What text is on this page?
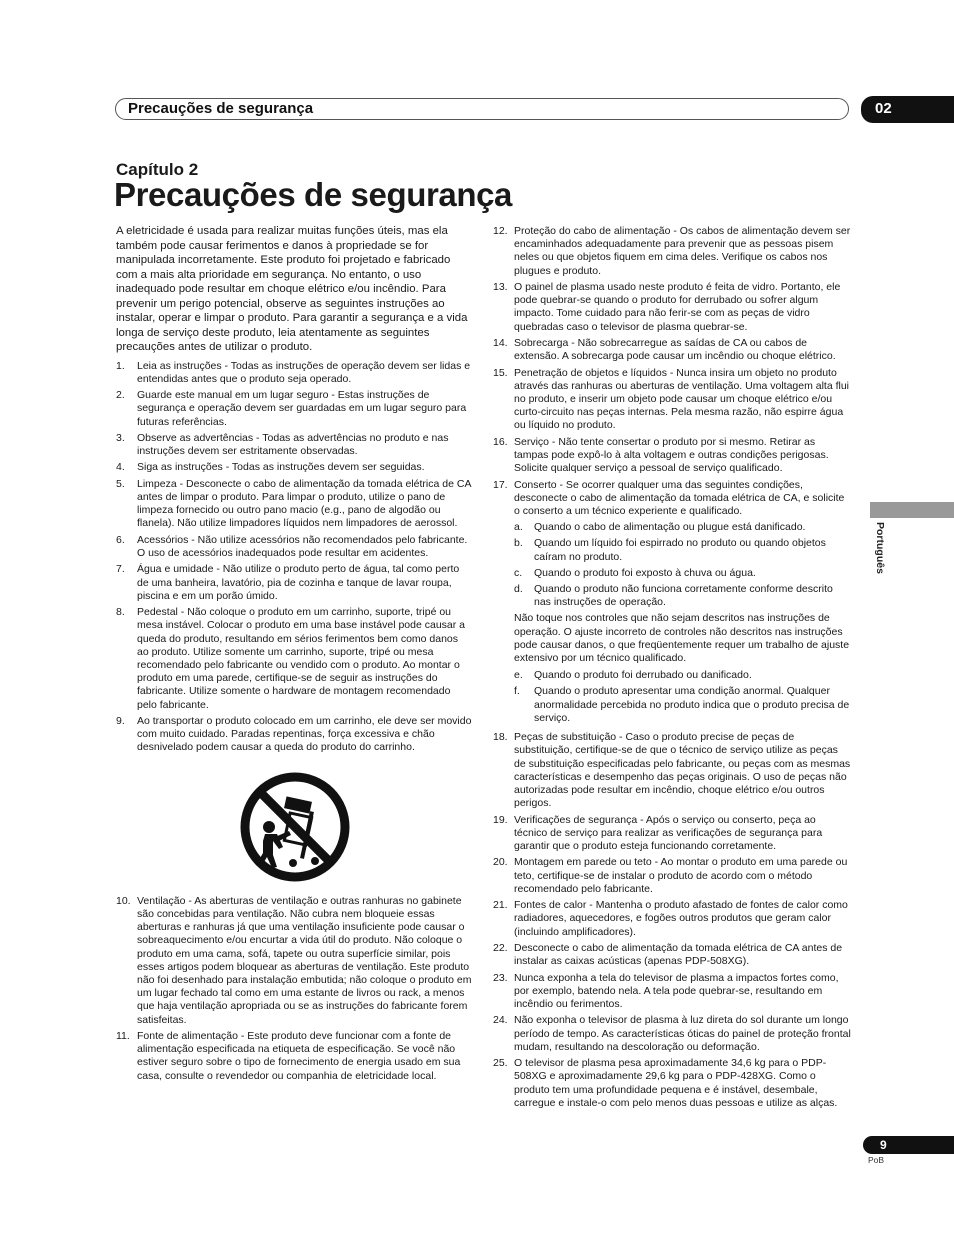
Precauções de segurança	02
Capítulo 2
Precauções de segurança

A eletricidade é usada para realizar muitas funções úteis, mas ela também pode causar ferimentos e danos à propriedade se for manipulada incorretamente. Este produto foi projetado e fabricado com a mais alta prioridade em segurança. No entanto, o uso inadequado pode resultar em choque elétrico e/ou incêndio. Para prevenir um perigo potencial, observe as seguintes instruções ao instalar, operar e limpar o produto. Para garantir a segurança e a vida longa de serviço deste produto, leia atentamente as seguintes precauções antes de utilizar o produto.

1.	Leia as instruções - Todas as instruções de operação devem ser lidas e entendidas antes que o produto seja operado.
2.	Guarde este manual em um lugar seguro - Estas instruções de segurança e operação devem ser guardadas em um lugar seguro para futuras referências.
3.	Observe as advertências - Todas as advertências no produto e nas instruções devem ser estritamente observadas.
4.	Siga as instruções - Todas as instruções devem ser seguidas.
5.	Limpeza - Desconecte o cabo de alimentação da tomada elétrica de CA antes de limpar o produto. Para limpar o produto, utilize o pano de limpeza fornecido ou outro pano macio (e.g., pano de algodão ou flanela). Não utilize limpadores líquidos nem limpadores de aerossol.
6.	Acessórios - Não utilize acessórios não recomendados pelo fabricante. O uso de acessórios inadequados pode resultar em acidentes.
7.	Água e umidade - Não utilize o produto perto de água, tal como perto de uma banheira, lavatório, pia de cozinha e tanque de lavar roupa, piscina e em um porão úmido.
8.	Pedestal - Não coloque o produto em um carrinho, suporte, tripé ou mesa instável. Colocar o produto em uma base instável pode causar a queda do produto, resultando em sérios ferimentos bem como danos ao produto. Utilize somente um carrinho, suporte, tripé ou mesa recomendado pelo fabricante ou vendido com o produto. Ao montar o produto em uma parede, certifique-se de seguir as instruções do fabricante. Utilize somente o hardware de montagem recomendado pelo fabricante.
9.	Ao transportar o produto colocado em um carrinho, ele deve ser movido com muito cuidado. Paradas repentinas, força excessiva e chão desnivelado podem causar a queda do produto do carrinho.
10. Ventilação - As aberturas de ventilação e outras ranhuras no gabinete são concebidas para ventilação. Não cubra nem bloqueie essas aberturas e ranhuras já que uma ventilação insuficiente pode causar o sobreaquecimento e/ou encurtar a vida útil do produto. Não coloque o produto em uma cama, sofá, tapete ou outra superfície similar, pois esses artigos podem bloquear as aberturas de ventilação. Este produto não foi desenhado para instalação embutida; não coloque o produto em um lugar fechado tal como em uma estante de livros ou rack, a menos que haja ventilação apropriada ou se as instruções do fabricante forem satisfeitas.
11. Fonte de alimentação - Este produto deve funcionar com a fonte de alimentação especificada na etiqueta de especificação. Se você não estiver seguro sobre o tipo de fornecimento de energia usado em sua casa, consulte o revendedor ou companhia de eletricidade local.
12. Proteção do cabo de alimentação - Os cabos de alimentação devem ser encaminhados adequadamente para prevenir que as pessoas pisem neles ou que objetos fiquem em cima deles. Verifique os cabos nos plugues e produto.
13. O painel de plasma usado neste produto é feita de vidro. Portanto, ele pode quebrar-se quando o produto for derrubado ou sofrer algum impacto. Tome cuidado para não ferir-se com as peças de vidro quebradas caso o televisor de plasma quebrar-se.
14. Sobrecarga - Não sobrecarregue as saídas de CA ou cabos de extensão. A sobrecarga pode causar um incêndio ou choque elétrico.
15. Penetração de objetos e líquidos - Nunca insira um objeto no produto através das ranhuras ou aberturas de ventilação. Uma voltagem alta flui no produto, e inserir um objeto pode causar um choque elétrico e/ou curto-circuito nas peças internas. Pela mesma razão, não espirre água ou líquido no produto.
16. Serviço - Não tente consertar o produto por si mesmo. Retirar as tampas pode expô-lo à alta voltagem e outras condições perigosas. Solicite qualquer serviço a pessoal de serviço qualificado.
17. Conserto - Se ocorrer qualquer uma das seguintes condições, desconecte o cabo de alimentação da tomada elétrica de CA, e solicite o conserto a um técnico experiente e qualificado.
a.	Quando o cabo de alimentação ou plugue está danificado.
b.	Quando um líquido foi espirrado no produto ou quando objetos caíram no produto.
c.	Quando o produto foi exposto à chuva ou água.
d.	Quando o produto não funciona corretamente conforme descrito nas instruções de operação.
Não toque nos controles que não sejam descritos nas instruções de operação. O ajuste incorreto de controles não descritos nas instruções pode causar danos, o que freqüentemente requer um trabalho de ajuste extensivo por um técnico qualificado.
e.	Quando o produto foi derrubado ou danificado.
f.	Quando o produto apresentar uma condição anormal. Qualquer anormalidade percebida no produto indica que o produto precisa de serviço.
18. Peças de substituição - Caso o produto precise de peças de substituição, certifique-se de que o técnico de serviço utilize as peças de substituição especificadas pelo fabricante, ou peças com as mesmas características e desempenho das peças originais. O uso de peças não autorizadas pode resultar em incêndio, choque elétrico e/ou outros perigos.
19. Verificações de segurança - Após o serviço ou conserto, peça ao técnico de serviço para realizar as verificações de segurança para garantir que o produto esteja funcionando corretamente.
20. Montagem em parede ou teto - Ao montar o produto em uma parede ou teto, certifique-se de instalar o produto de acordo com o método recomendado pelo fabricante.
21. Fontes de calor - Mantenha o produto afastado de fontes de calor como radiadores, aquecedores, e fogões outros produtos que geram calor (incluindo amplificadores).
22. Desconecte o cabo de alimentação da tomada elétrica de CA antes de instalar as caixas acústicas (apenas PDP-508XG).
23. Nunca exponha a tela do televisor de plasma a impactos fortes como, por exemplo, batendo nela. A tela pode quebrar-se, resultando em incêndio ou ferimentos.
24. Não exponha o televisor de plasma à luz direta do sol durante um longo período de tempo. As características óticas do painel de proteção frontal mudam, resultando na descoloração ou deformação.
25. O televisor de plasma pesa aproximadamente 34,6 kg para o PDP-508XG e aproximadamente 29,6 kg para o PDP-428XG. Como o produto tem uma profundidade pequena e é instável, desembale, carregue e instale-o com pelo menos duas pessoas e utilize as alças.
Português
9
PoB
